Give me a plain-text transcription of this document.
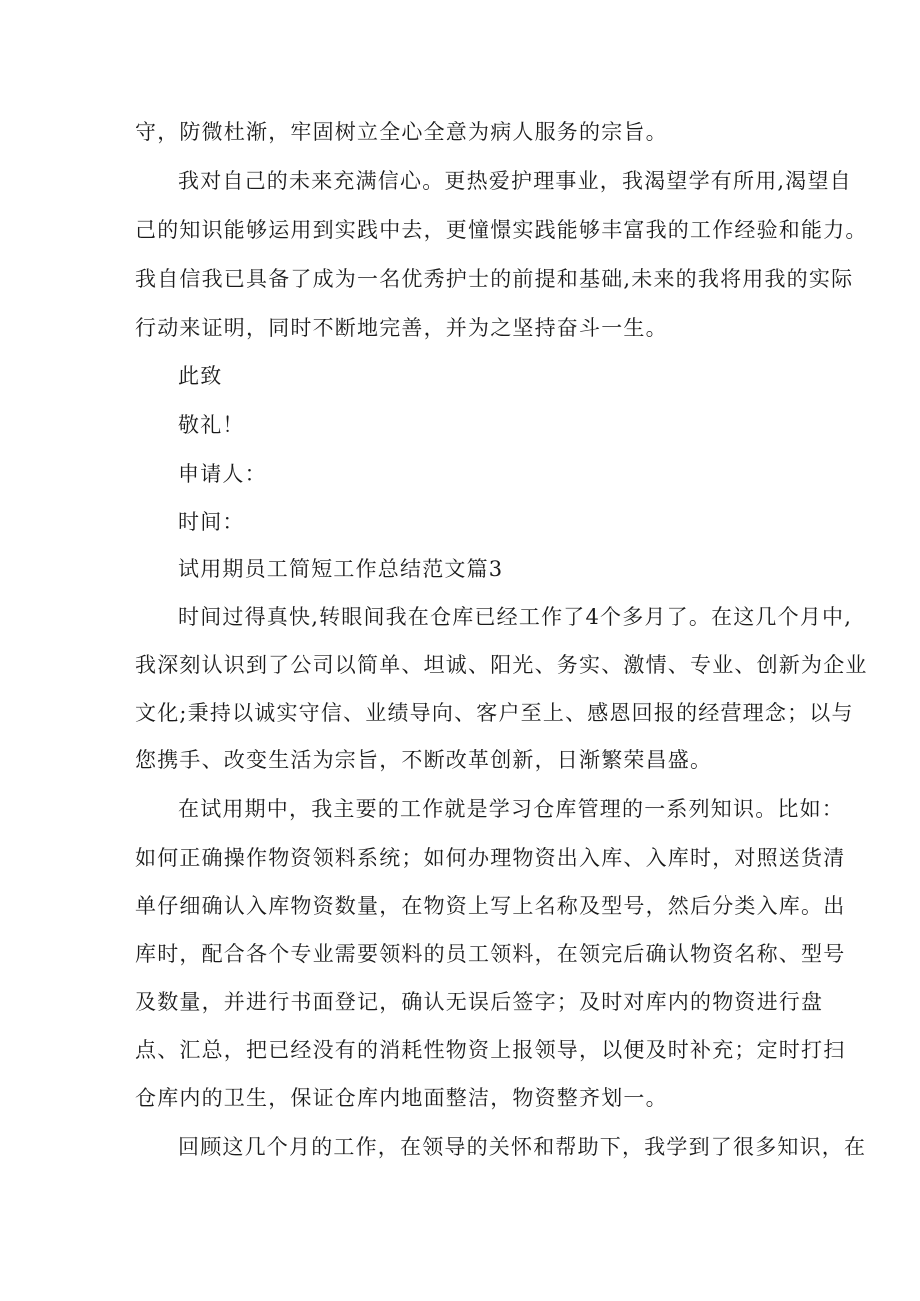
守，防微杜渐，牢固树立全心全意为病人服务的宗旨。

我对自己的未来充满信心。更热爱护理事业，我渴望学有所用,渴望自

己的知识能够运用到实践中去，更憧憬实践能够丰富我的工作经验和能力。

我自信我已具备了成为一名优秀护士的前提和基础,未来的我将用我的实际

行动来证明，同时不断地完善，并为之坚持奋斗一生。

此致

敬礼！

申请人：

时间：

试用期员工简短工作总结范文篇3

时间过得真快,转眼间我在仓库已经工作了4个多月了。在这几个月中,

我深刻认识到了公司以简单、坦诚、阳光、务实、激情、专业、创新为企业

文化;秉持以诚实守信、业绩导向、客户至上、感恩回报的经营理念；以与

您携手、改变生活为宗旨，不断改革创新，日渐繁荣昌盛。

在试用期中，我主要的工作就是学习仓库管理的一系列知识。比如：

如何正确操作物资领料系统；如何办理物资出入库、入库时，对照送货清

单仔细确认入库物资数量，在物资上写上名称及型号，然后分类入库。出

库时，配合各个专业需要领料的员工领料，在领完后确认物资名称、型号

及数量，并进行书面登记，确认无误后签字；及时对库内的物资进行盘

点、汇总，把已经没有的消耗性物资上报领导，以便及时补充；定时打扫

仓库内的卫生，保证仓库内地面整洁，物资整齐划一。

回顾这几个月的工作，在领导的关怀和帮助下，我学到了很多知识，在
